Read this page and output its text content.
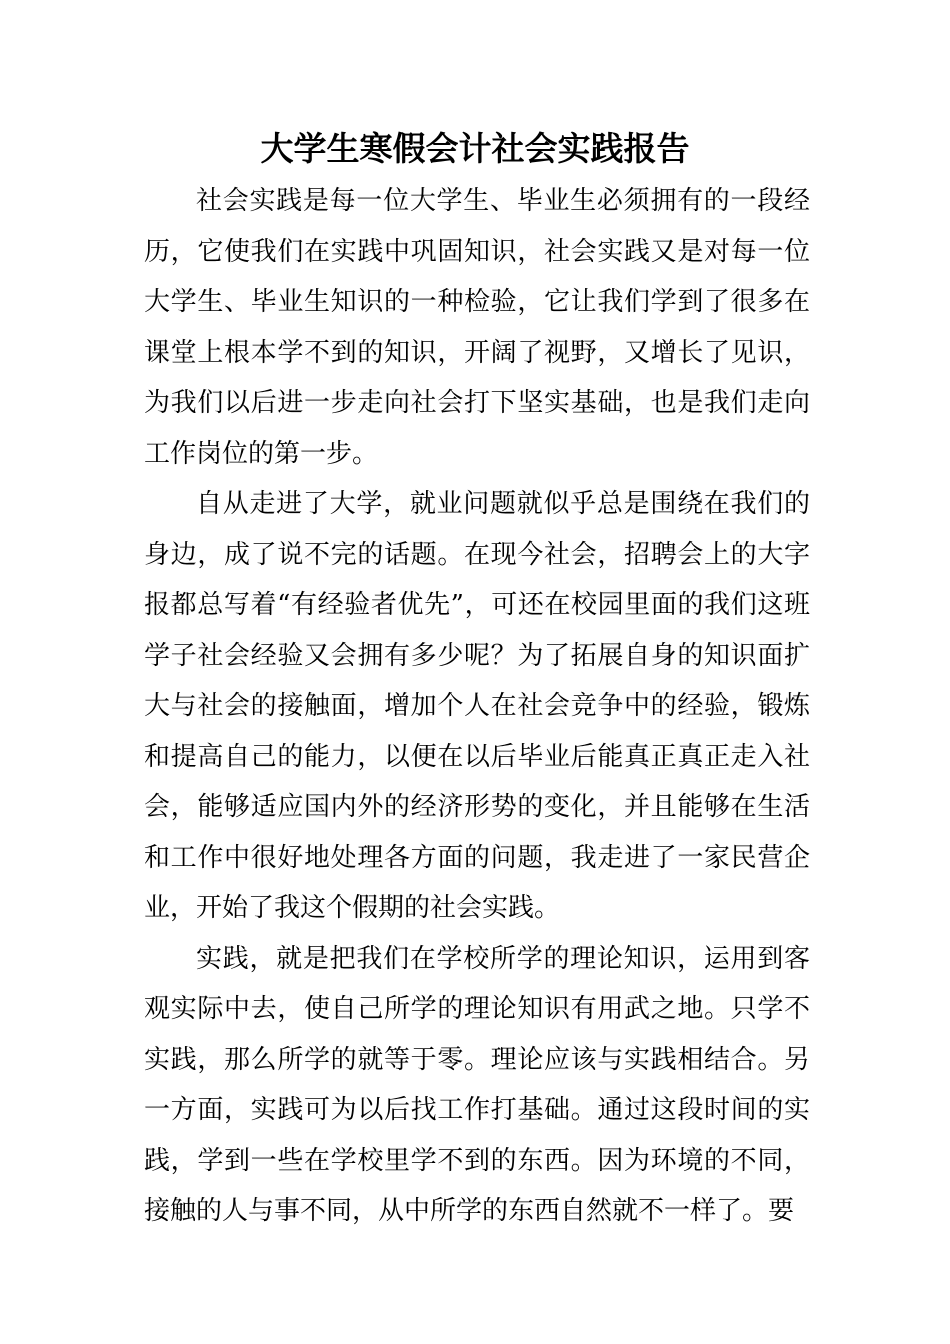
大学生寒假会计社会实践报告

社会实践是每一位大学生、毕业生必须拥有的一段经历，它使我们在实践中巩固知识，社会实践又是对每一位大学生、毕业生知识的一种检验，它让我们学到了很多在课堂上根本学不到的知识，开阔了视野，又增长了见识，为我们以后进一步走向社会打下坚实基础，也是我们走向工作岗位的第一步。

自从走进了大学，就业问题就似乎总是围绕在我们的身边，成了说不完的话题。在现今社会，招聘会上的大字报都总写着“有经验者优先”，可还在校园里面的我们这班学子社会经验又会拥有多少呢？为了拓展自身的知识面扩大与社会的接触面，增加个人在社会竞争中的经验，锻炼和提高自己的能力，以便在以后毕业后能真正真正走入社会，能够适应国内外的经济形势的变化，并且能够在生活和工作中很好地处理各方面的问题，我走进了一家民营企业，开始了我这个假期的社会实践。

实践，就是把我们在学校所学的理论知识，运用到客观实际中去，使自己所学的理论知识有用武之地。只学不实践，那么所学的就等于零。理论应该与实践相结合。另一方面，实践可为以后找工作打基础。通过这段时间的实践，学到一些在学校里学不到的东西。因为环境的不同，接触的人与事不同，从中所学的东西自然就不一样了。要
